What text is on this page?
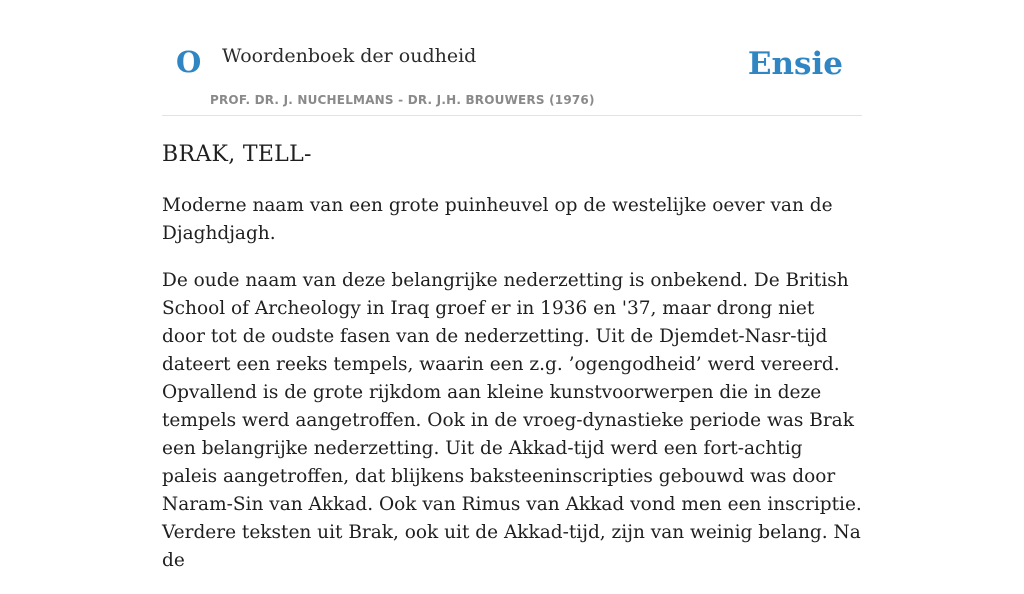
O Woordenboek der oudheid
PROF. DR. J. NUCHELMANS - DR. J.H. BROUWERS (1976)
Ensie
BRAK, TELL-

Moderne naam van een grote puinheuvel op de westelijke oever van de Djaghdjagh.

De oude naam van deze belangrijke nederzetting is onbekend. De British School of Archeology in Iraq groef er in 1936 en '37, maar drong niet door tot de oudste fasen van de nederzetting. Uit de Djemdet-Nasr-tijd dateert een reeks tempels, waarin een z.g. ’ogengodheid’ werd vereerd. Opvallend is de grote rijkdom aan kleine kunstvoorwerpen die in deze tempels werd aangetroffen. Ook in de vroeg-dynastieke periode was Brak een belangrijke nederzetting. Uit de Akkad-tijd werd een fort-achtig paleis aangetroffen, dat blijkens baksteeninscripties gebouwd was door Naram-Sin van Akkad. Ook van Rimus van Akkad vond men een inscriptie. Verdere teksten uit Brak, ook uit de Akkad-tijd, zijn van weinig belang. Na de
